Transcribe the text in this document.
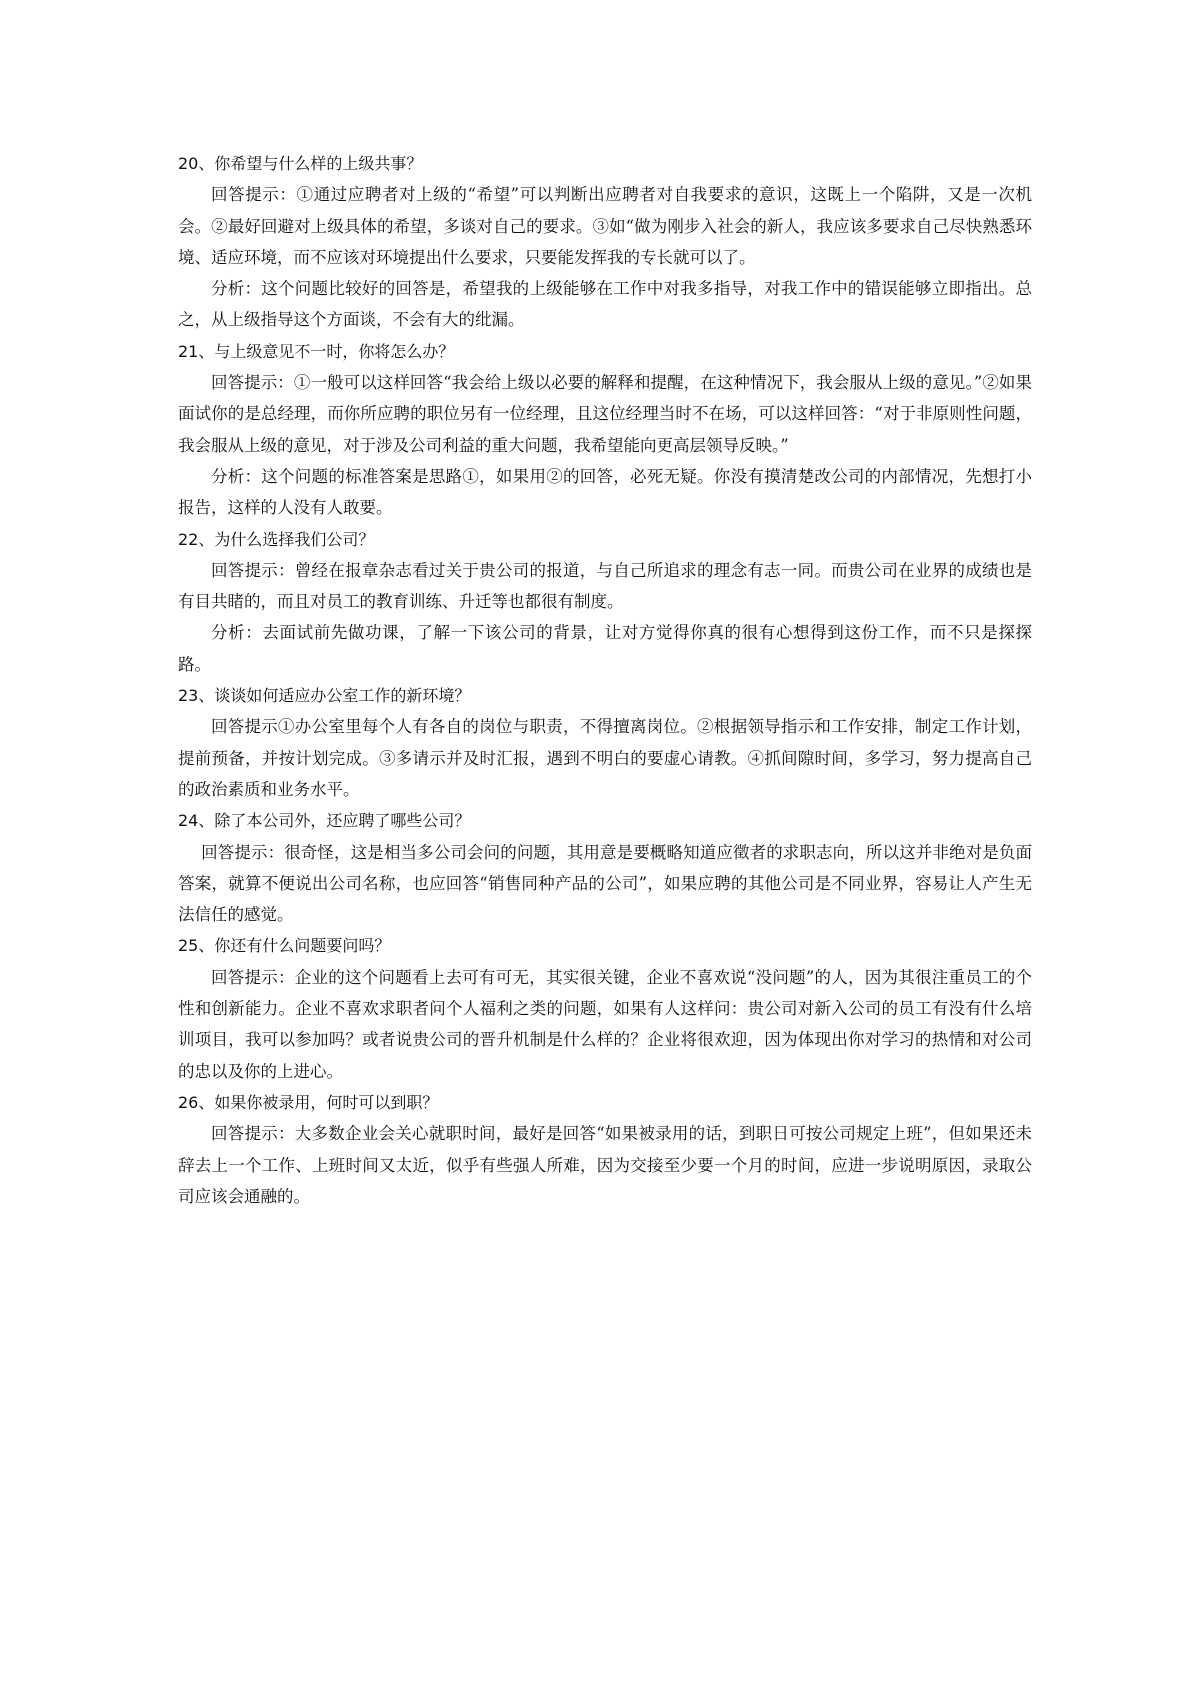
20、你希望与什么样的上级共事？

回答提示：①通过应聘者对上级的“希望”可以判断出应聘者对自我要求的意识，这既上一个陷阱，又是一次机会。②最好回避对上级具体的希望，多谈对自己的要求。③如“做为刚步入社会的新人，我应该多要求自己尽快熟悉环境、适应环境，而不应该对环境提出什么要求，只要能发挥我的专长就可以了。

分析：这个问题比较好的回答是，希望我的上级能够在工作中对我多指导，对我工作中的错误能够立即指出。总之，从上级指导这个方面谈，不会有大的纰漏。

21、与上级意见不一时，你将怎么办？

回答提示：①一般可以这样回答“我会给上级以必要的解释和提醒，在这种情况下，我会服从上级的意见。”②如果面试你的是总经理，而你所应聘的职位另有一位经理，且这位经理当时不在场，可以这样回答：“对于非原则性问题，我会服从上级的意见，对于涉及公司利益的重大问题，我希望能向更高层领导反映。”

分析：这个问题的标准答案是思路①，如果用②的回答，必死无疑。你没有摸清楚改公司的内部情况，先想打小报告，这样的人没有人敢要。

22、为什么选择我们公司？

回答提示：曾经在报章杂志看过关于贵公司的报道，与自己所追求的理念有志一同。而贵公司在业界的成绩也是有目共睹的，而且对员工的教育训练、升迁等也都很有制度。

分析：去面试前先做功课，了解一下该公司的背景，让对方觉得你真的很有心想得到这份工作，而不只是探探路。

23、谈谈如何适应办公室工作的新环境？

回答提示①办公室里每个人有各自的岗位与职责，不得擅离岗位。②根据领导指示和工作安排，制定工作计划，提前预备，并按计划完成。③多请示并及时汇报，遇到不明白的要虚心请教。④抓间隙时间，多学习，努力提高自己的政治素质和业务水平。

24、除了本公司外，还应聘了哪些公司？

回答提示：很奇怪，这是相当多公司会问的问题，其用意是要概略知道应徵者的求职志向，所以这并非绝对是负面答案，就算不便说出公司名称，也应回答“销售同种产品的公司”，如果应聘的其他公司是不同业界，容易让人产生无法信任的感觉。

25、你还有什么问题要问吗？

回答提示：企业的这个问题看上去可有可无，其实很关键，企业不喜欢说“没问题”的人，因为其很注重员工的个性和创新能力。企业不喜欢求职者问个人福利之类的问题，如果有人这样问：贵公司对新入公司的员工有没有什么培训项目，我可以参加吗？或者说贵公司的晋升机制是什么样的？企业将很欢迎，因为体现出你对学习的热情和对公司的忠以及你的上进心。

26、如果你被录用，何时可以到职？

回答提示：大多数企业会关心就职时间，最好是回答“如果被录用的话，到职日可按公司规定上班”，但如果还未辞去上一个工作、上班时间又太近，似乎有些强人所难，因为交接至少要一个月的时间，应进一步说明原因，录取公司应该会通融的。
